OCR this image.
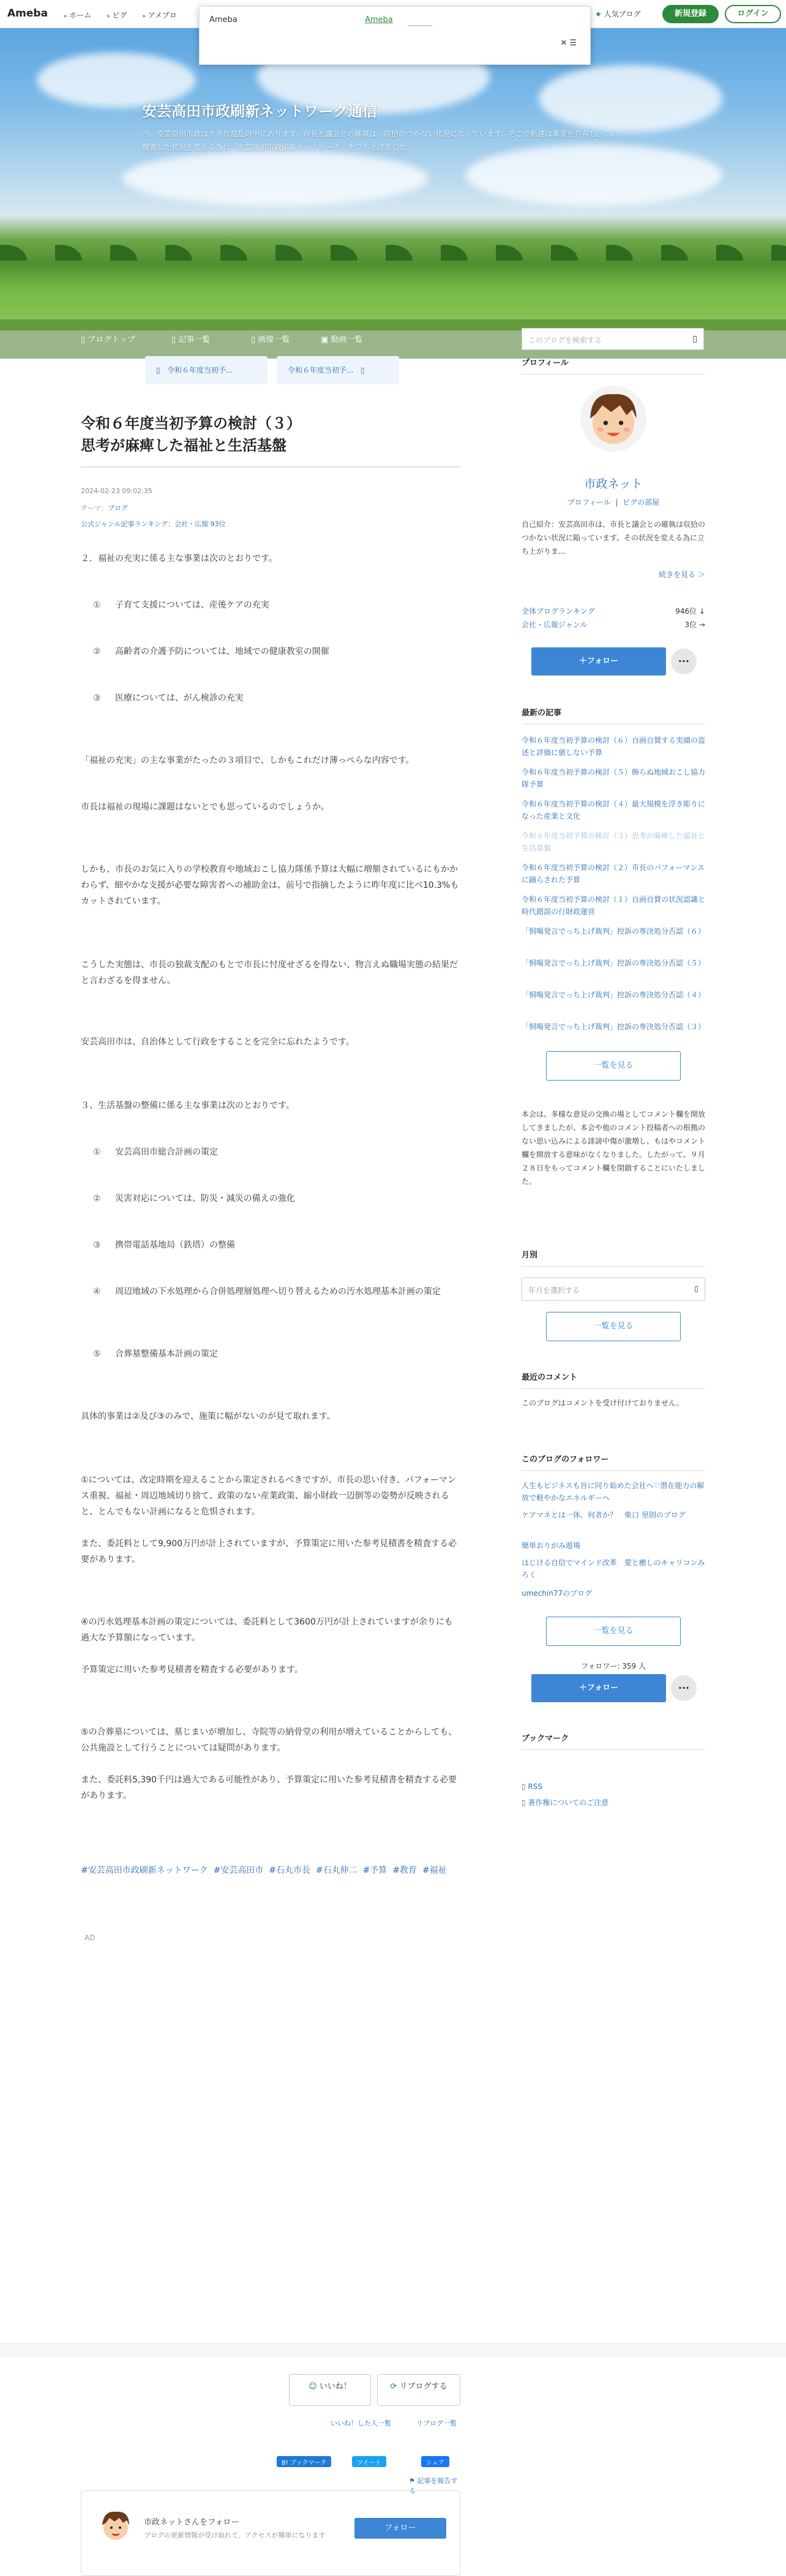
Ameba	▸ ホーム	▸ ピグ	▸ アメブロ	★ 人気ブログ	新規登録	ログイン
Ameba	Ameba
✕ ☰
安芸高田市政刷新ネットワーク通信
今、安芸高田市政は大きな混乱の中にあります。市長と議会との確執は、収拾のつかない状況になっています。そこで私達は事実を共有し、この膠着した状況を変える為に「安芸高田市政刷新ネットワーク」を立ち上げました。
▯ ブログトップ	▯ 記事一覧	▯ 画像一覧	▣ 動画一覧	このブログを検索する	▯
▯   令和６年度当初予...	令和６年度当初予...   ▯
令和６年度当初予算の検討（３）
思考が麻痺した福祉と生活基盤
2024-02-23 09:02:35
テーマ：ブログ
公式ジャンル記事ランキング：会社・広報 93位
２．福祉の充実に係る主な事業は次のとおりです。
① 子育て支援については、産後ケアの充実
② 高齢者の介護予防については、地域での健康教室の開催
③ 医療については、がん検診の充実
「福祉の充実」の主な事業がたったの３項目で、しかもこれだけ薄っぺらな内容です。
市長は福祉の現場に課題はないとでも思っているのでしょうか。
しかも、市長のお気に入りの学校教育や地域おこし協力隊係予算は大幅に増額されているにもかかわらず、細やかな支援が必要な障害者への補助金は、前号で指摘したように昨年度に比べ10.3%もカットされています。
こうした実態は、市長の独裁支配のもとで市長に忖度せざるを得ない、物言えぬ職場実態の結果だと言わざるを得ません。
安芸高田市は、自治体として行政をすることを完全に忘れたようです。
３、生活基盤の整備に係る主な事業は次のとおりです。
① 安芸高田市総合計画の策定
② 災害対応については、防災・減災の備えの強化
③ 携帯電話基地局（鉄塔）の整備
④ 周辺地域の下水処理から合併処理層処理へ切り替えるための汚水処理基本計画の策定
⑤ 合葬墓整備基本計画の策定
具体的事業は②及び③のみで、施策に幅がないのが見て取れます。
①については、改定時期を迎えることから策定されるべきですが、市長の思い付き、パフォーマンス重視、福祉・周辺地域切り捨て、政策のない産業政策、縮小財政一辺倒等の姿勢が反映されると、とんでもない計画になると危惧されます。
また、委託料として9,900万円が計上されていますが、予算策定に用いた参考見積書を精査する必要があります。
④の汚水処理基本計画の策定については、委託料として3600万円が計上されていますが余りにも過大な予算額になっています。
予算策定に用いた参考見積書を精査する必要があります。
⑤の合葬墓については、墓じまいが増加し、寺院等の納骨堂の利用が増えていることからしても、公共施設として行うことについては疑問があります。
また、委託料5,390千円は過大である可能性があり、予算策定に用いた参考見積書を精査する必要があります。
#安芸高田市政刷新ネットワーク #安芸高田市 #石丸市長 #石丸伸二 #予算 #教育 #福祉
AD
☺ いいね！
·
⟳ リブログする
·
いいね！した人一覧	リブログ一覧
B! ブックマーク	ツイート	シェア
⚑ 記事を報告する
市政ネットさんをフォロー
ブログの更新情報が受け取れて、アクセスが簡単になります
フォロー
プロフィール
市政ネット
プロフィール  |  ピグの部屋
自己紹介：安芸高田市は、市長と議会との確執は収拾のつかない状況に陥っています。その状況を変える為に立ち上がりま...
続きを見る ＞
全体ブログランキング	946位 ↓
会社・広報ジャンル	3位 →
＋フォロー	···
最新の記事
令和６年度当初予算の検討（６）自画自賛する実績の盗述と評価に値しない予算
令和６年度当初予算の検討（５）飾らぬ地域おこし協力隊予算
令和６年度当初予算の検討（４）最大規模を浮き彫りになった産業と文化
令和６年度当初予算の検討（３）思考が麻痺した福祉と生活基盤
令和６年度当初予算の検討（２）市長のパフォーマンスに踊らされた予算
令和６年度当初予算の検討（１）自画自賛の状況認識と時代錯誤の行財政運営
「恫喝発言でっち上げ裁判」控訴の専決処分否認（６）
「恫喝発言でっち上げ裁判」控訴の専決処分否認（５）
「恫喝発言でっち上げ裁判」控訴の専決処分否認（４）
「恫喝発言でっち上げ裁判」控訴の専決処分否認（３）
一覧を見る
本会は、多様な意見の交換の場としてコメント欄を開放してきましたが、本会や他のコメント投稿者への根拠のない思い込みによる誹謗中傷が激増し、もはやコメント欄を開放する意味がなくなりました。したがって、９月２８日をもってコメント欄を閉鎖することにいたしました。
月別
年月を選択する	▯
一覧を見る
最近のコメント
このブログはコメントを受け付けておりません。
このブログのフォロワー
人生もビジネスも旨に同り始めた会社へ♡潜在能力の解放で軽やかなエネルギーへ
ケアマネとは一体、何者か？　柴口 里則のブログ
簡単おりがみ遊場
はじける自信でマインド改革　愛と癒しのキャリコンみろく
umechin77のブログ
一覧を見る
フォロワー: 359 人
＋フォロー	···
ブックマーク
▯ RSS
▯ 著作権についてのご注意
